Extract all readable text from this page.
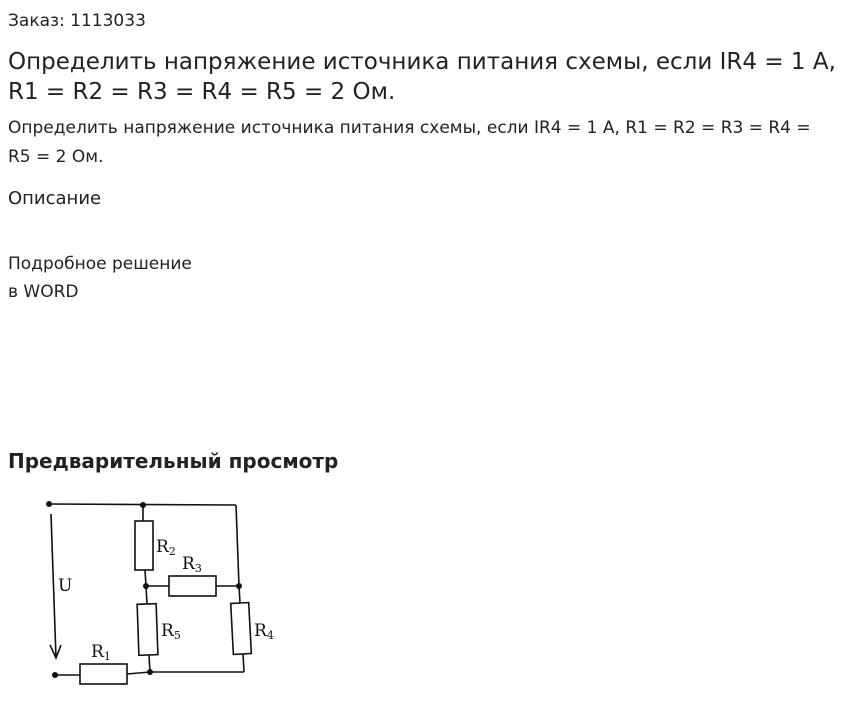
Заказ: 1113033
Определить напряжение источника питания схемы, если IR4 = 1 А, R1 = R2 = R3 = R4 = R5 = 2 Ом.
Определить напряжение источника питания схемы, если IR4 = 1 А, R1 = R2 = R3 = R4 = R5 = 2 Ом.
Описание
Подробное решение
в WORD
Предварительный просмотр
U
R1
R2
R3
R4
R5
